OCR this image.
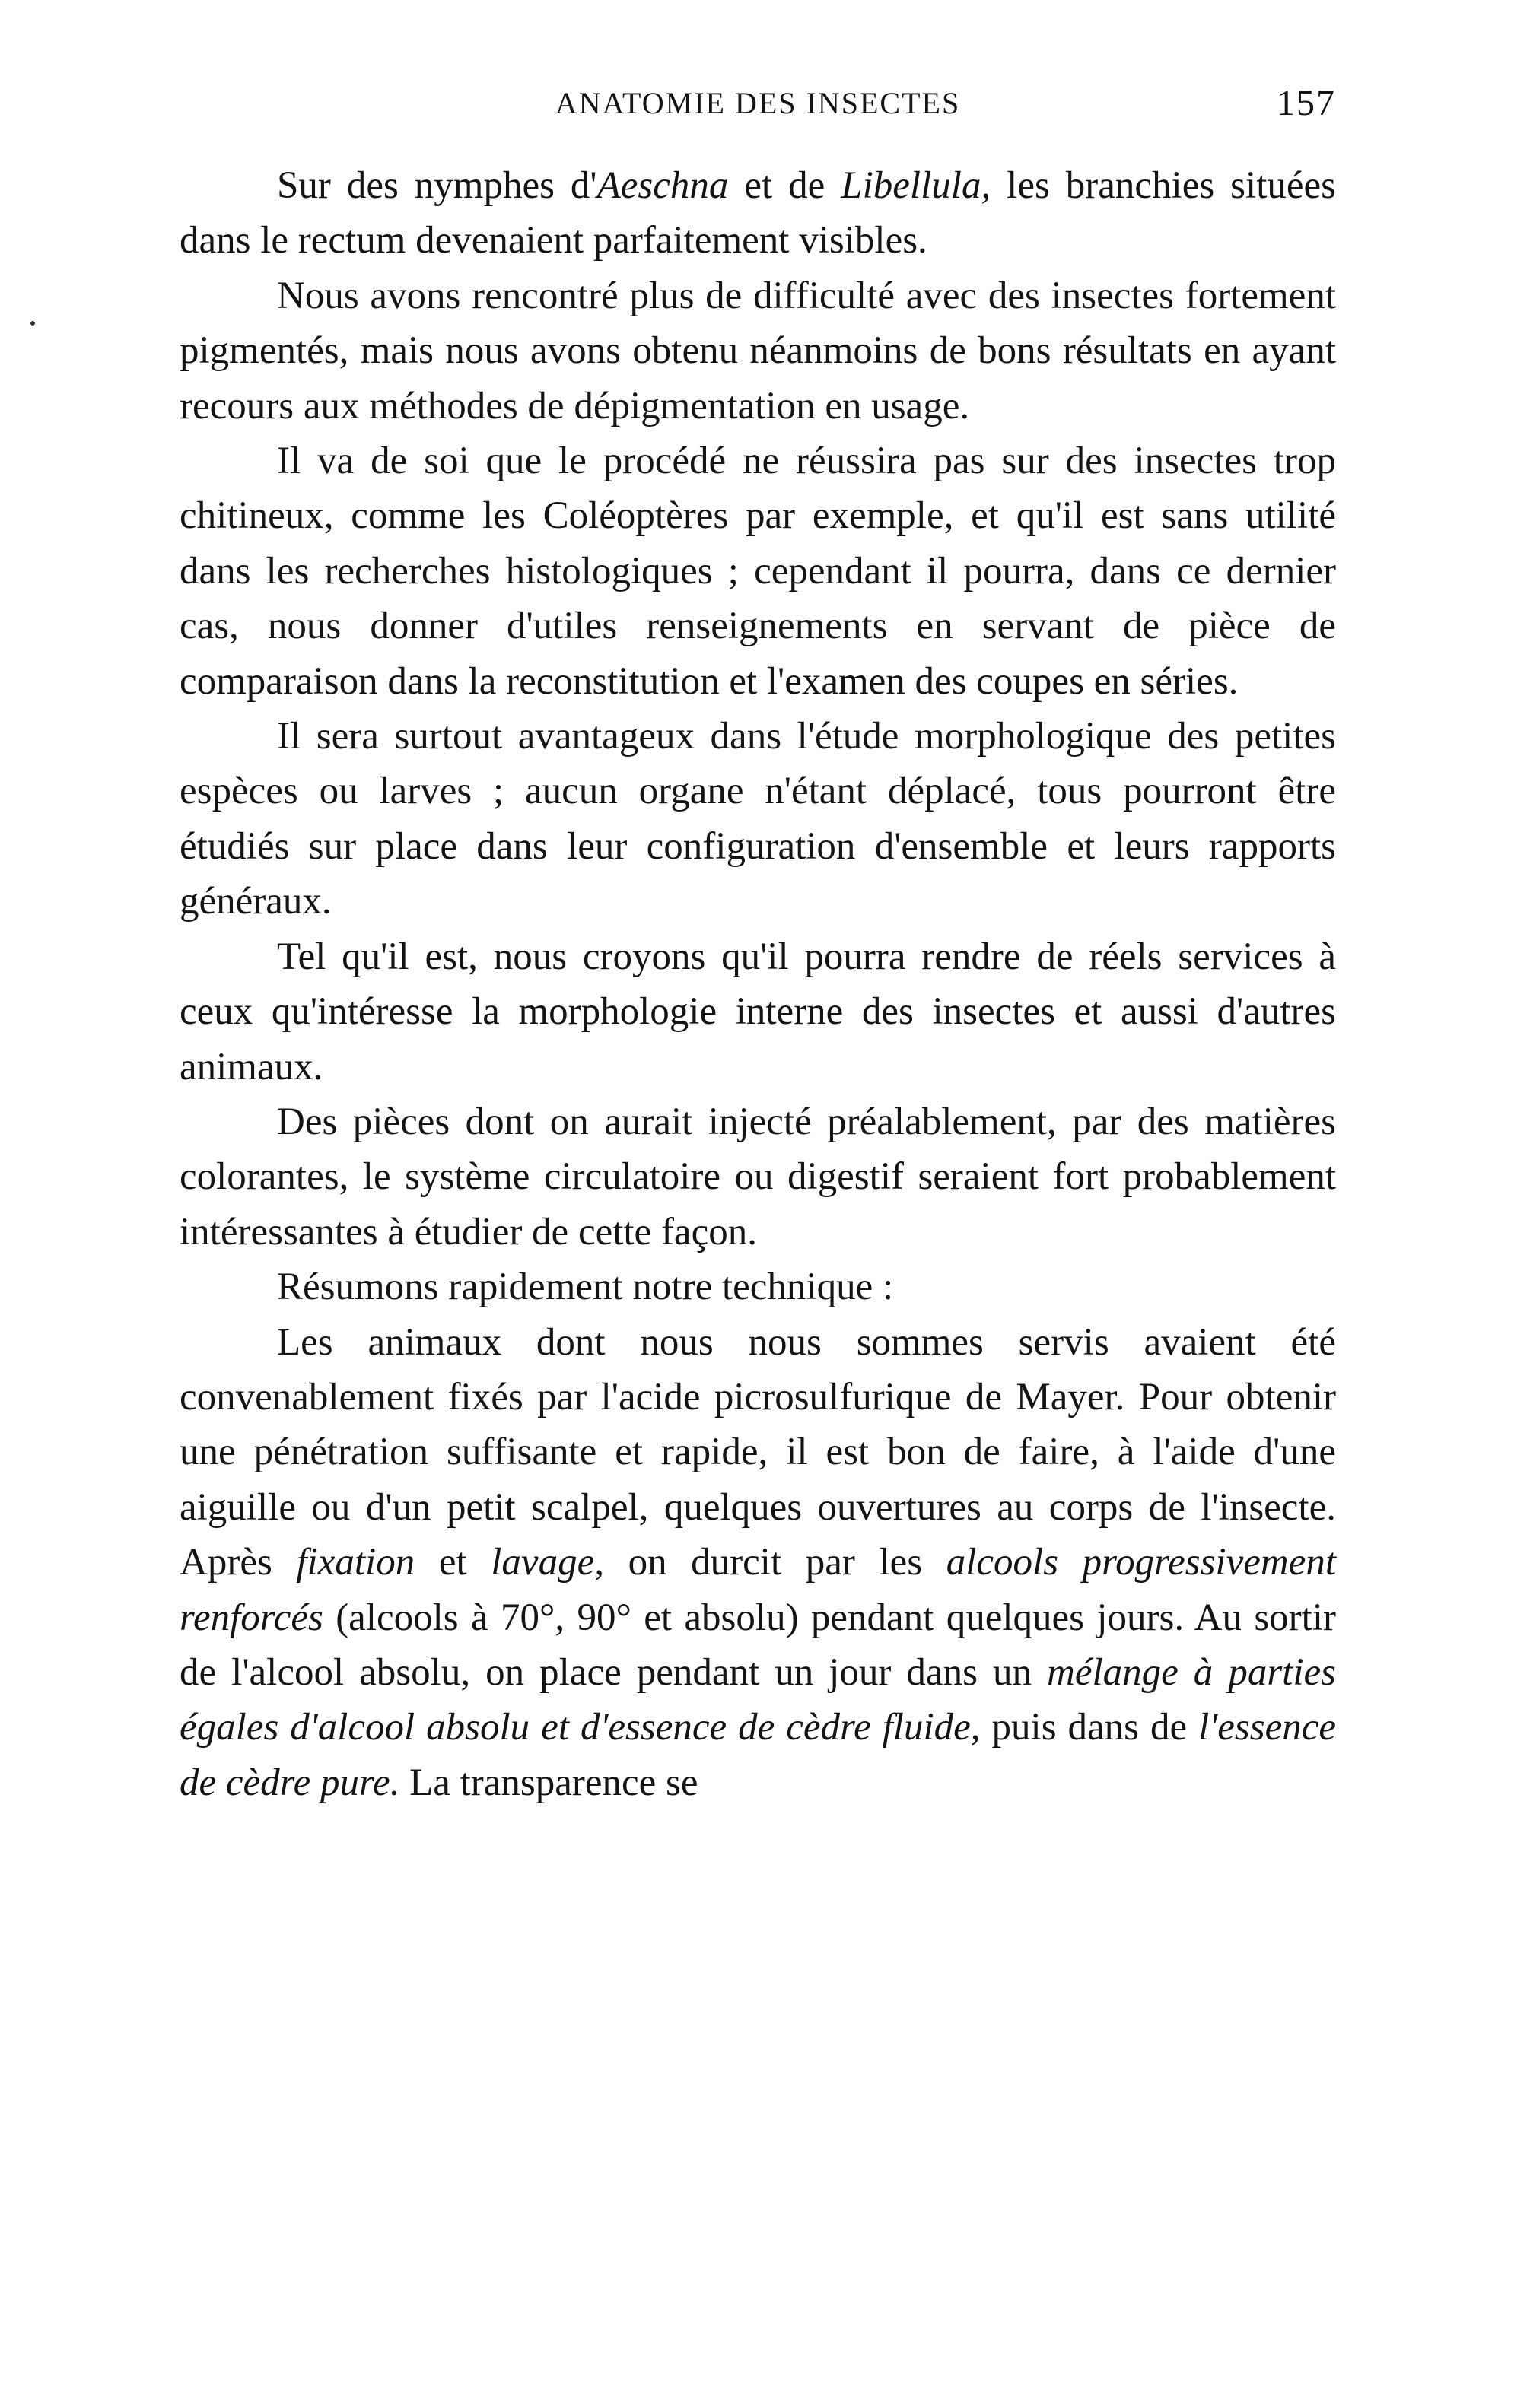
ANATOMIE DES INSECTES	157

Sur des nymphes d'Aeschna et de Libellula, les branchies situées dans le rectum devenaient parfaitement visibles.

Nous avons rencontré plus de difficulté avec des insectes fortement pigmentés, mais nous avons obtenu néanmoins de bons résultats en ayant recours aux méthodes de dépigmentation en usage.

Il va de soi que le procédé ne réussira pas sur des insectes trop chitineux, comme les Coléoptères par exemple, et qu'il est sans utilité dans les recherches histologiques ; cependant il pourra, dans ce dernier cas, nous donner d'utiles renseignements en servant de pièce de comparaison dans la reconstitution et l'examen des coupes en séries.

Il sera surtout avantageux dans l'étude morphologique des petites espèces ou larves ; aucun organe n'étant déplacé, tous pourront être étudiés sur place dans leur configuration d'ensemble et leurs rapports généraux.

Tel qu'il est, nous croyons qu'il pourra rendre de réels services à ceux qu'intéresse la morphologie interne des insectes et aussi d'autres animaux.

Des pièces dont on aurait injecté préalablement, par des matières colorantes, le système circulatoire ou digestif seraient fort probablement intéressantes à étudier de cette façon.

Résumons rapidement notre technique :

Les animaux dont nous nous sommes servis avaient été convenablement fixés par l'acide picrosulfurique de Mayer. Pour obtenir une pénétration suffisante et rapide, il est bon de faire, à l'aide d'une aiguille ou d'un petit scalpel, quelques ouvertures au corps de l'insecte. Après fixation et lavage, on durcit par les alcools progressivement renforcés (alcools à 70°, 90° et absolu) pendant quelques jours. Au sortir de l'alcool absolu, on place pendant un jour dans un mélange à parties égales d'alcool absolu et d'essence de cèdre fluide, puis dans de l'essence de cèdre pure. La transparence se
